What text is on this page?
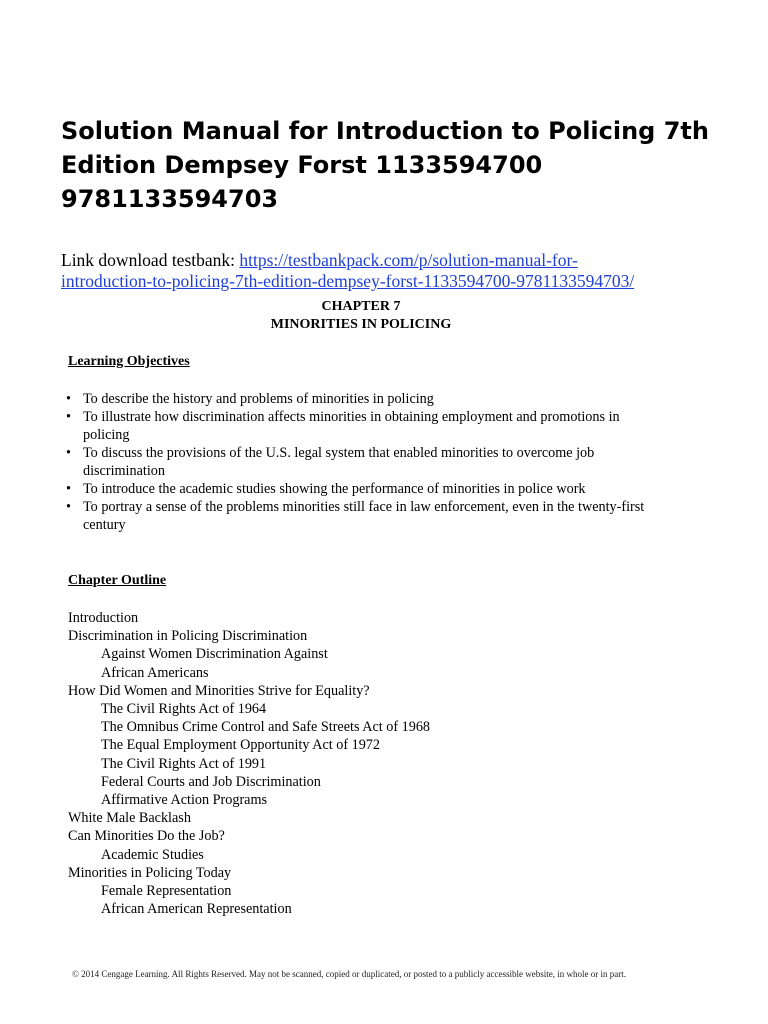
Solution Manual for Introduction to Policing 7th Edition Dempsey Forst 1133594700 9781133594703
Link download testbank: https://testbankpack.com/p/solution-manual-for-
introduction-to-policing-7th-edition-dempsey-forst-1133594700-9781133594703/
CHAPTER 7
MINORITIES IN POLICING
Learning Objectives
• To describe the history and problems of minorities in policing
• To illustrate how discrimination affects minorities in obtaining employment and promotions in policing
• To discuss the provisions of the U.S. legal system that enabled minorities to overcome job discrimination
• To introduce the academic studies showing the performance of minorities in police work
• To portray a sense of the problems minorities still face in law enforcement, even in the twenty-first century
Chapter Outline
Introduction
Discrimination in Policing Discrimination
Against Women Discrimination Against
African Americans
How Did Women and Minorities Strive for Equality?
The Civil Rights Act of 1964
The Omnibus Crime Control and Safe Streets Act of 1968
The Equal Employment Opportunity Act of 1972
The Civil Rights Act of 1991
Federal Courts and Job Discrimination
Affirmative Action Programs
White Male Backlash
Can Minorities Do the Job?
Academic Studies
Minorities in Policing Today
Female Representation
African American Representation
© 2014 Cengage Learning. All Rights Reserved. May not be scanned, copied or duplicated, or posted to a publicly accessible website, in whole or in part.
